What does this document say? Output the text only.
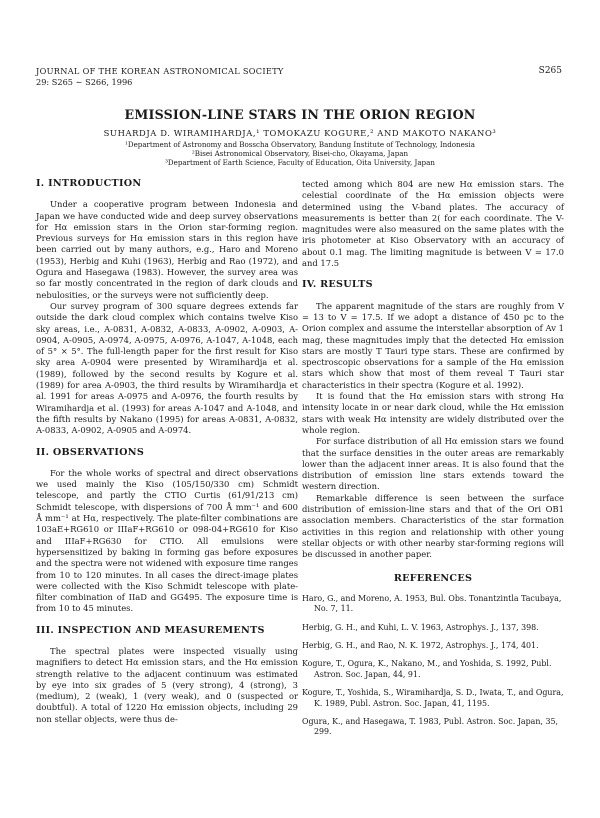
JOURNAL OF THE KOREAN ASTRONOMICAL SOCIETY
29: S265 ∼ S266, 1996
S265
EMISSION-LINE STARS IN THE ORION REGION
SUHARDJA D. WIRAMIHARDJA,¹ TOMOKAZU KOGURE,² AND MAKOTO NAKANO³
¹Department of Astronomy and Bosscha Observatory, Bandung Institute of Technology, Indonesia
²Bisei Astronomical Observatory, Bisei-cho, Okayama, Japan
³Department of Earth Science, Faculty of Education, Oita University, Japan
I. INTRODUCTION

Under a cooperative program between Indonesia and Japan we have conducted wide and deep survey observations for Hα emission stars in the Orion star-forming region. Previous surveys for Hα emission stars in this region have been carried out by many authors, e.g., Haro and Moreno (1953), Herbig and Kuhi (1963), Herbig and Rao (1972), and Ogura and Hasegawa (1983). However, the survey area was so far mostly concentrated in the region of dark clouds and nebulosities, or the surveys were not sufficiently deep.

Our survey program of 300 square degrees extends far outside the dark cloud complex which contains twelve Kiso sky areas, i.e., A-0831, A-0832, A-0833, A-0902, A-0903, A-0904, A-0905, A-0974, A-0975, A-0976, A-1047, A-1048, each of 5° × 5°. The full-length paper for the first result for Kiso sky area A-0904 were presented by Wiramihardja et al. (1989), followed by the second results by Kogure et al. (1989) for area A-0903, the third results by Wiramihardja et al. 1991 for areas A-0975 and A-0976, the fourth results by Wiramihardja et al. (1993) for areas A-1047 and A-1048, and the fifth results by Nakano (1995) for areas A-0831, A-0832, A-0833, A-0902, A-0905 and A-0974.

II. OBSERVATIONS

For the whole works of spectral and direct observations we used mainly the Kiso (105/150/330 cm) Schmidt telescope, and partly the CTIO Curtis (61/91/213 cm) Schmidt telescope, with dispersions of 700 Å mm⁻¹ and 600 Å mm⁻¹ at Hα, respectively. The plate-filter combinations are 103aE+RG610 or IIIaF+RG610 or 098-04+RG610 for Kiso and IIIaF+RG630 for CTIO. All emulsions were hypersensitized by baking in forming gas before exposures and the spectra were not widened with exposure time ranges from 10 to 120 minutes. In all cases the direct-image plates were collected with the Kiso Schmidt telescope with plate-filter combination of IIaD and GG495. The exposure time is from 10 to 45 minutes.

III. INSPECTION AND MEASUREMENTS

The spectral plates were inspected visually using magnifiers to detect Hα emission stars, and the Hα emission strength relative to the adjacent continuum was estimated by eye into six grades of 5 (very strong), 4 (strong), 3 (medium), 2 (weak), 1 (very weak), and 0 (suspected or doubtful). A total of 1220 Hα emission objects, including 29 non stellar objects, were thus de-

tected among which 804 are new Hα emission stars. The celestial coordinate of the Hα emission objects were determined using the V-band plates. The accuracy of measurements is better than 2( for each coordinate. The V-magnitudes were also measured on the same plates with the iris photometer at Kiso Observatory with an accuracy of about 0.1 mag. The limiting magnitude is between V = 17.0 and 17.5

IV. RESULTS

The apparent magnitude of the stars are roughly from V = 13 to V = 17.5. If we adopt a distance of 450 pc to the Orion complex and assume the interstellar absorption of Av 1 mag, these magnitudes imply that the detected Hα emission stars are mostly T Tauri type stars. These are confirmed by spectroscopic observations for a sample of the Hα emission stars which show that most of them reveal T Tauri star characteristics in their spectra (Kogure et al. 1992).

It is found that the Hα emission stars with strong Hα intensity locate in or near dark cloud, while the Hα emission stars with weak Hα intensity are widely distributed over the whole region.

For surface distribution of all Hα emission stars we found that the surface densities in the outer areas are remarkably lower than the adjacent inner areas. It is also found that the distribution of emission line stars extends toward the western direction.

Remarkable difference is seen between the surface distribution of emission-line stars and that of the Ori OB1 association members. Characteristics of the star formation activities in this region and relationship with other young stellar objects or with other nearby star-forming regions will be discussed in another paper.

REFERENCES
Haro, G., and Moreno, A. 1953, Bul. Obs. Tonantzintla Tacubaya, No. 7, 11.
Herbig, G. H., and Kuhi, L. V. 1963, Astrophys. J., 137, 398.
Herbig, G. H., and Rao, N. K. 1972, Astrophys. J., 174, 401.
Kogure, T., Ogura, K., Nakano, M., and Yoshida, S. 1992, Publ. Astron. Soc. Japan, 44, 91.
Kogure, T., Yoshida, S., Wiramihardja, S. D., Iwata, T., and Ogura, K. 1989, Publ. Astron. Soc. Japan, 41, 1195.
Ogura, K., and Hasegawa, T. 1983, Publ. Astron. Soc. Japan, 35, 299.
